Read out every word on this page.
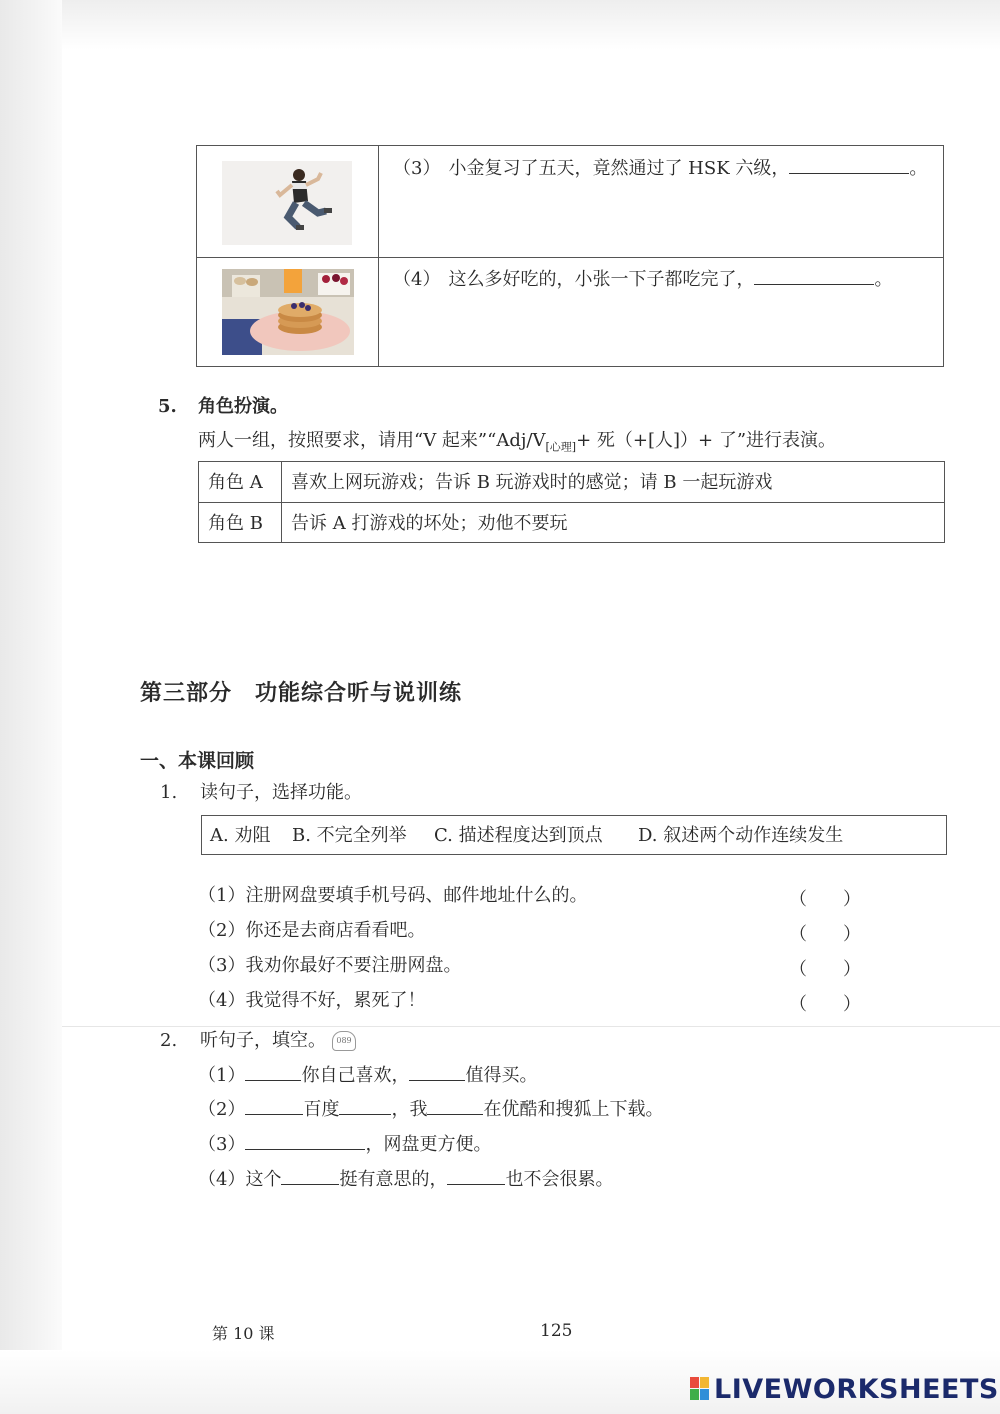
（3） 小金复习了五天，竟然通过了 HSK 六级，	。
（4） 这么多好吃的，小张一下子都吃完了，	。
5. 角色扮演。
两人一组，按照要求，请用“V 起来$”“Adj/V_{[心理]}+$ 死（+[人]）+ 了”进行表演。
角色 A 喜欢上网玩游戏；告诉 B 玩游戏时的感觉；请 B 一起玩游戏
角色 B 告诉 A 打游戏的坏处；劝他不要玩
第三部分　功能综合听与说训练
一、本课回顾
1. 读句子，选择功能。
A. 劝阻 B. 不完全列举 C. 描述程度达到顶点 D. 叙述两个动作连续发生
（1）注册网盘要填手机号码、邮件地址什么的。	（　　）
（2）你还是去商店看看吧。	（　　）
（3）我劝你最好不要注册网盘。	（　　）
（4）我觉得不好，累死了！	（　　）
2. 听句子，填空。 089
（1）	你自己喜欢，	值得买。
（2）	百度	，我	在优酷和搜狐上下载。
（3）	，网盘更方便。
（4）这个	挺有意思的，	也不会很累。
第 10 课	125
LIVEWORKSHEETS
